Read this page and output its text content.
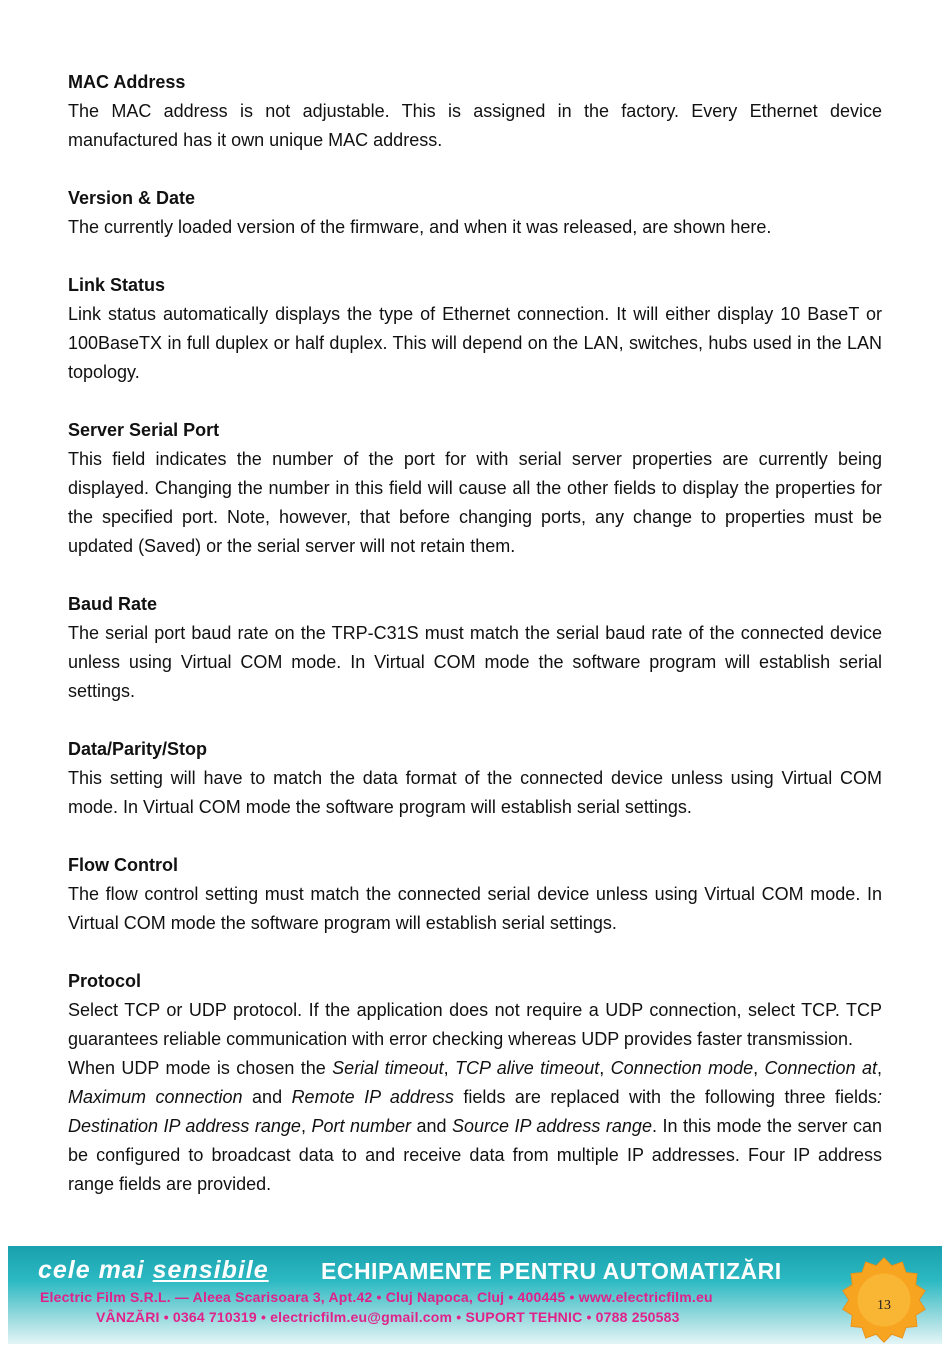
MAC Address

The MAC address is not adjustable. This is assigned in the factory. Every Ethernet device manufactured has it own unique MAC address.

Version & Date

The currently loaded version of the firmware, and when it was released, are shown here.

Link Status

Link status automatically displays the type of Ethernet connection. It will either display 10 BaseT or 100BaseTX in full duplex or half duplex. This will depend on the LAN, switches, hubs used in the LAN topology.

Server Serial Port

This field indicates the number of the port for with serial server properties are currently being displayed. Changing the number in this field will cause all the other fields to display the properties for the specified port. Note, however, that before changing ports, any change to properties must be updated (Saved) or the serial server will not retain them.

Baud Rate

The serial port baud rate on the TRP-C31S must match the serial baud rate of the connected device unless using Virtual COM mode. In Virtual COM mode the software program will establish serial settings.

Data/Parity/Stop

This setting will have to match the data format of the connected device unless using Virtual COM mode. In Virtual COM mode the software program will establish serial settings.

Flow Control

The flow control setting must match the connected serial device unless using Virtual COM mode. In Virtual COM mode the software program will establish serial settings.

Protocol

Select TCP or UDP protocol. If the application does not require a UDP connection, select TCP. TCP guarantees reliable communication with error checking whereas UDP provides faster transmission.

When UDP mode is chosen the Serial timeout, TCP alive timeout, Connection mode, Connection at, Maximum connection and Remote IP address fields are replaced with the following three fields: Destination IP address range, Port number and Source IP address range. In this mode the server can be configured to broadcast data to and receive data from multiple IP addresses. Four IP address range fields are provided.

cele mai sensibile ECHIPAMENTE PENTRU AUTOMATIZĂRI
Electric Film S.R.L. — Aleea Scarisoara 3, Apt.42 • Cluj Napoca, Cluj • 400445 • www.electricfilm.eu
VÂNZĂRI • 0364 710319 • electricfilm.eu@gmail.com • SUPORT TEHNIC • 0788 250583
13
